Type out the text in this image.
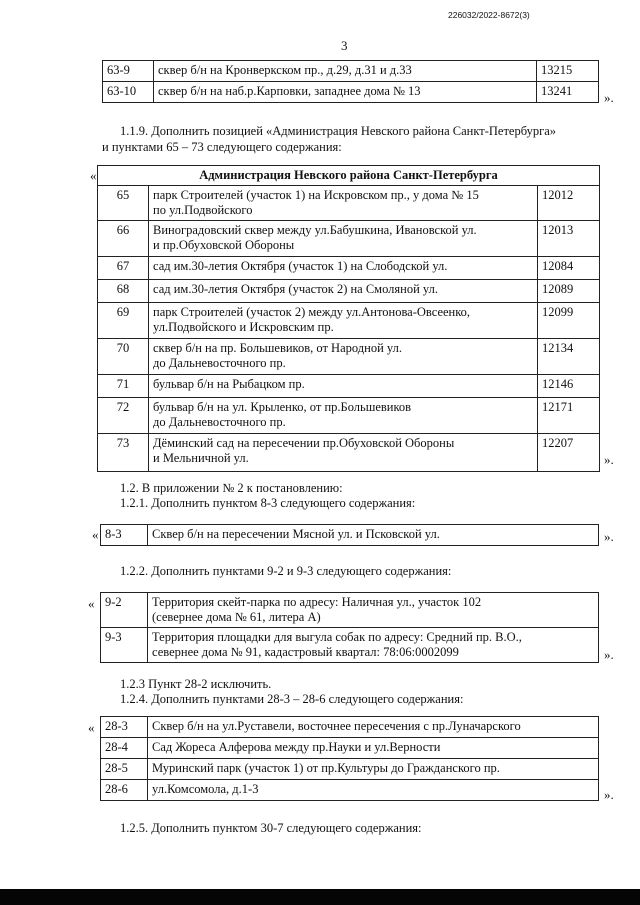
226032/2022-8672(3)
3
63-9	сквер б/н на Кронверкском пр., д.29, д.31 и д.33	13215
63-10	сквер б/н на наб.р.Карповки, западнее дома № 13	13241 ».
1.1.9. Дополнить позицией «Администрация Невского района Санкт-Петербурга»
и пунктами 65 – 73 следующего содержания:
«	Администрация Невского района Санкт-Петербурга		
65	парк Строителей (участок 1) на Искровском пр., у дома № 15
по ул.Подвойского	12012
66	Виноградовский сквер между ул.Бабушкина, Ивановской ул.
и пр.Обуховской Обороны	12013
67	сад им.30-летия Октября (участок 1) на Слободской ул.	12084
68	сад им.30-летия Октября (участок 2) на Смоляной ул.	12089
69	парк Строителей (участок 2) между ул.Антонова-Овсеенко,
ул.Подвойского и Искровским пр.	12099
70	сквер б/н на пр. Большевиков, от Народной ул.
до Дальневосточного пр.	12134
71	бульвар б/н на Рыбацком пр.	12146
72	бульвар б/н на ул. Крыленко, от пр.Большевиков
до Дальневосточного пр.	12171
73	Дёминский сад на пересечении пр.Обуховской Обороны
и Мельничной ул.	12207
».
1.2. В приложении № 2 к постановлению:
1.2.1. Дополнить пунктом 8-3 следующего содержания:
« 8-3	Сквер б/н на пересечении Мясной ул. и Псковской ул.	».
1.2.2. Дополнить пунктами 9-2 и 9-3 следующего содержания:
« 9-2	Территория скейт-парка по адресу: Наличная ул., участок 102
(севернее дома № 61, литера А)

9-3	Территория площадки для выгула собак по адресу: Средний пр. В.О.,
севернее дома № 91, кадастровый квартал: 78:06:0002099	».
1.2.3 Пункт 28-2 исключить.
1.2.4. Дополнить пунктами 28-3 – 28-6 следующего содержания:
« 28-3	Сквер б/н на ул.Руставели, восточнее пересечения с пр.Луначарского
28-4	Сад Жореса Алферова между пр.Науки и ул.Верности
28-5	Муринский парк (участок 1) от пр.Культуры до Гражданского пр.
28-6	ул.Комсомола, д.1-3	».
1.2.5. Дополнить пунктом 30-7 следующего содержания:
